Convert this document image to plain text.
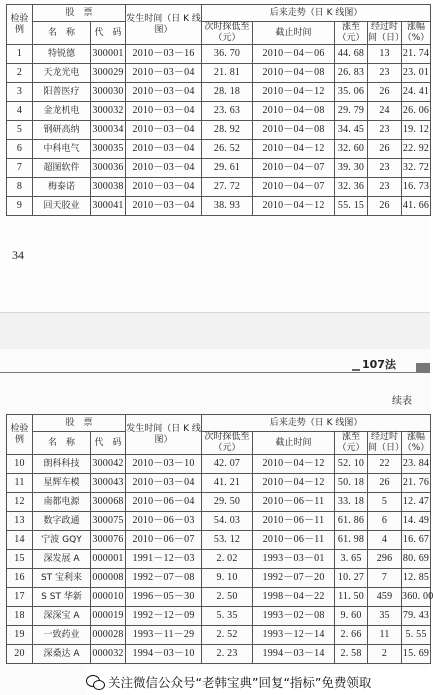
检验例	股　票		发生时间（日 K 线图）	后来走势（日 K 线图）				
	名　称	代　码		次时探低至（元）	截止时间	涨至（元）	经过时间（日）	涨幅（%）
1	特锐德	300001	2010－03－16	36. 70	2010－04－06	44. 68	13	21. 74
2	天龙光电	300029	2010－03－04	21. 81	2010－04－08	26. 83	23	23. 01
3	阳普医疗	300030	2010－03－04	28. 18	2010－04－12	35. 06	26	24. 41
4	金龙机电	300032	2010－03－04	23. 63	2010－04－08	29. 79	24	26. 06
5	钢研高纳	300034	2010－03－04	28. 92	2010－04－08	34. 45	23	19. 12
6	中科电气	300035	2010－03－04	26. 52	2010－04－12	32. 60	26	22. 92
7	超图软件	300036	2010－03－04	29. 61	2010－04－07	39. 30	23	32. 72
8	梅泰诺	300038	2010－03－04	27. 72	2010－04－07	32. 36	23	16. 73
9	回天胶业	300041	2010－03－04	38. 93	2010－04－12	55. 15	26	41. 66
34
107法
续表
检验例	股　票		发生时间（日 K 线图）	后来走势（日 K 线图）				
	名　称	代　码		次时探低至（元）	截止时间	涨至（元）	经过时间（日）	涨幅（%）
10	朗科科技	300042	2010－03－10	42. 07	2010－04－12	52. 10	22	23. 84
11	星辉车模	300043	2010－03－04	41. 21	2010－04－12	50. 18	26	21. 76
12	南都电源	300068	2010－06－04	29. 50	2010－06－11	33. 18	5	12. 47
13	数字政通	300075	2010－06－03	54. 03	2010－06－11	61. 86	6	14. 49
14	宁波 GQY	300076	2010－06－07	53. 12	2010－06－11	61. 98	4	16. 67
15	深发展 A	000001	1991－12－03	2. 02	1993－03－01	3. 65	296	80. 69
16	ST 宝利来	000008	1992－07－08	9. 10	1992－07－20	10. 27	7	12. 85
17	S ST 华新	000010	1996－05－30	2. 50	1998－04－22	11. 50	459	360. 00
18	深深宝 A	000019	1992－12－09	5. 35	1993－02－08	9. 60	35	79. 43
19	一致药业	000028	1993－11－29	2. 52	1993－12－14	2. 66	11	5. 55
20	深桑达 A	000032	1994－03－10	2. 23	1994－03－14	2. 58	2	15. 69
关注微信公众号“老韩宝典”回复“指标”免费领取
